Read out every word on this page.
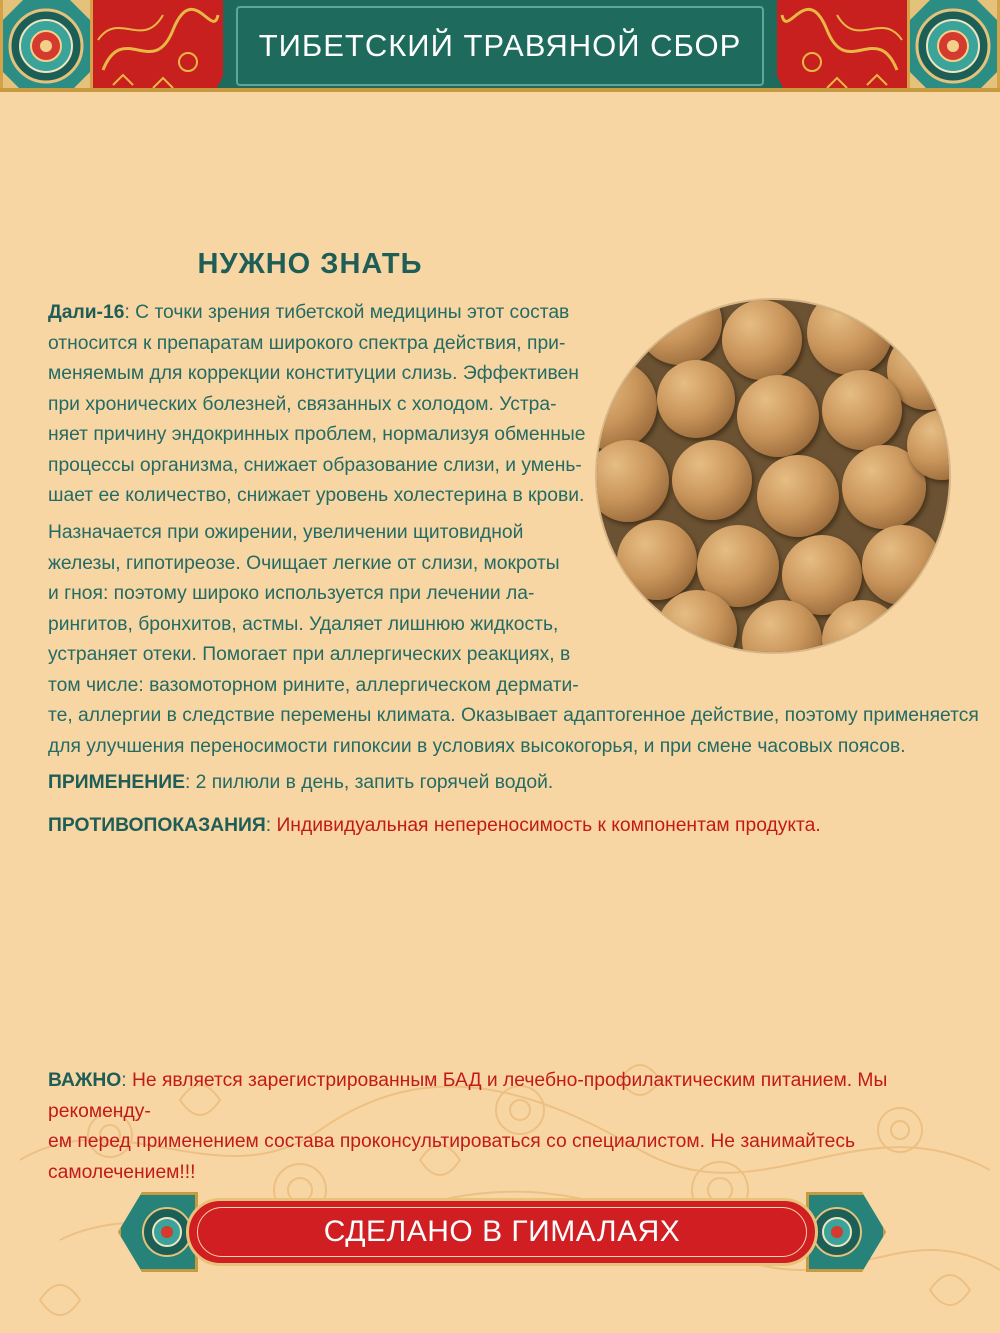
ТИБЕТСКИЙ ТРАВЯНОЙ СБОР
НУЖНО ЗНАТЬ
Дали-16: С точки зрения тибетской медицины этот состав
относится к препаратам широкого спектра действия, при-
меняемым для коррекции конституции слизь. Эффективен
при хронических болезней, связанных с холодом. Устра-
няет причину эндокринных проблем, нормализуя обменные
процессы организма, снижает образование слизи, и умень-
шает ее количество, снижает уровень холестерина в крови.
Назначается при ожирении, увеличении щитовидной
железы, гипотиреозе. Очищает легкие от слизи, мокроты
и гноя: поэтому широко используется при лечении ла-
рингитов, бронхитов, астмы. Удаляет лишнюю жидкость,
устраняет отеки. Помогает при аллергических реакциях, в
том числе: вазомоторном рините, аллергическом дермати-
те, аллергии в следствие перемены климата. Оказывает адаптогенное действие, поэтому применяется
для улучшения переносимости гипоксии в условиях высокогорья, и при смене часовых поясов.
ПРИМЕНЕНИЕ: 2 пилюли в день, запить горячей водой.
ПРОТИВОПОКАЗАНИЯ: Индивидуальная непереносимость к компонентам продукта.
ВАЖНО: Не является зарегистрированным БАД и лечебно-профилактическим питанием. Мы рекоменду-
ем перед применением состава проконсультироваться со специалистом. Не занимайтесь самолечением!!!
СДЕЛАНО В ГИМАЛАЯХ
